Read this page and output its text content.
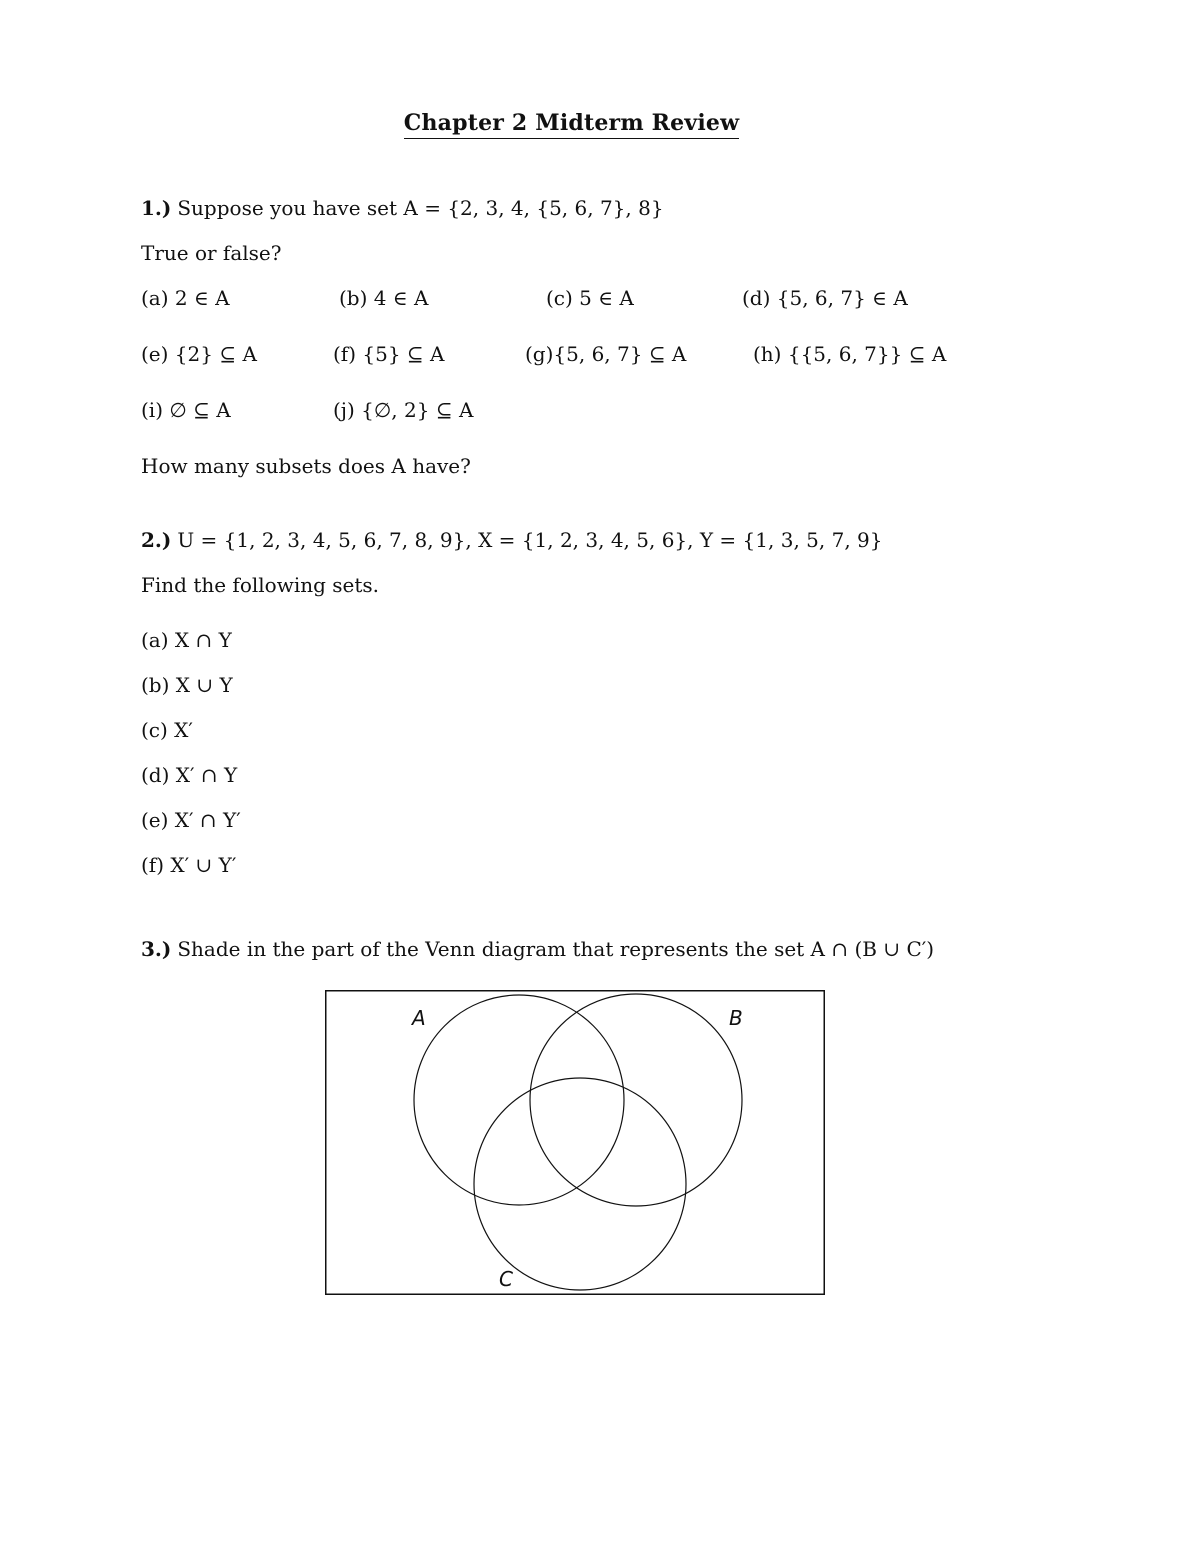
Chapter 2 Midterm Review
1.) Suppose you have set A = {2, 3, 4, {5, 6, 7}, 8}
True or false?
(a) 2 ∈ A	(b) 4 ∈ A	(c) 5 ∈ A	(d) {5, 6, 7} ∈ A
(e) {2} ⊆ A	(f) {5} ⊆ A	(g){5, 6, 7} ⊆ A	(h) {{5, 6, 7}} ⊆ A
(i) ∅ ⊆ A	(j) {∅, 2} ⊆ A
How many subsets does A have?
2.) U = {1, 2, 3, 4, 5, 6, 7, 8, 9}, X = {1, 2, 3, 4, 5, 6}, Y = {1, 3, 5, 7, 9}
Find the following sets.
(a) X ∩ Y
(b) X ∪ Y
(c) X′
(d) X′ ∩ Y
(e) X′ ∩ Y′
(f) X′ ∪ Y′
3.) Shade in the part of the Venn diagram that represents the set A ∩ (B ∪ C′)
A	B
C
